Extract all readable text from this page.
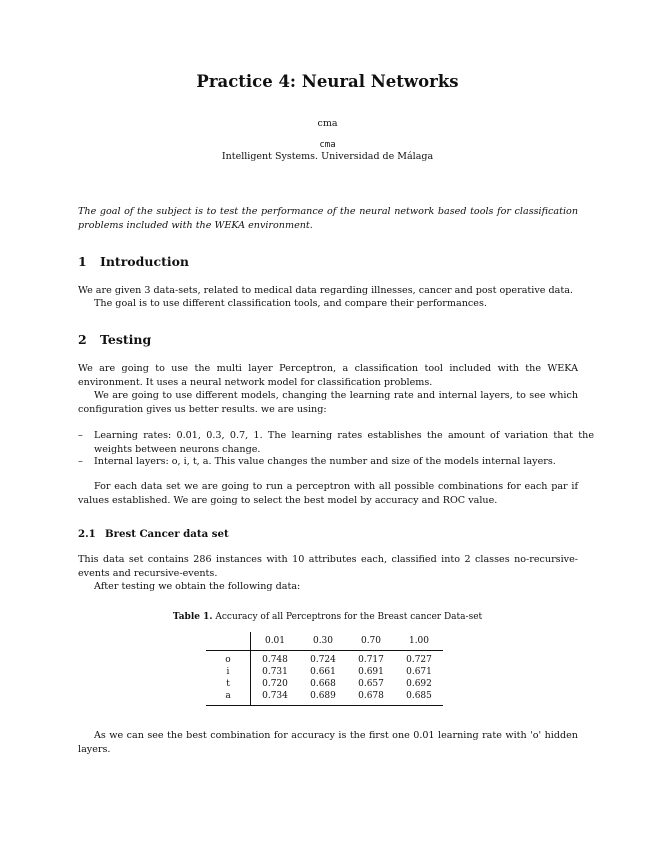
Practice 4: Neural Networks
cma
cma
Intelligent Systems. Universidad de Málaga
The goal of the subject is to test the performance of the neural network based tools for classification problems included with the WEKA environment.
1 Introduction
We are given 3 data-sets, related to medical data regarding illnesses, cancer and post operative data.
The goal is to use different classification tools, and compare their performances.
2 Testing
We are going to use the multi layer Perceptron, a classification tool included with the WEKA environment. It uses a neural network model for classification problems.
We are going to use different models, changing the learning rate and internal layers, to see which configuration gives us better results. we are using:
– Learning rates: 0.01, 0.3, 0.7, 1. The learning rates establishes the amount of variation that the weights between neurons change.
– Internal layers: o, i, t, a. This value changes the number and size of the models internal layers.
For each data set we are going to run a perceptron with all possible combinations for each par if values established. We are going to select the best model by accuracy and ROC value.
2.1 Brest Cancer data set
This data set contains 286 instances with 10 attributes each, classified into 2 classes no-recursive-events and recursive-events.
After testing we obtain the following data:
Table 1. Accuracy of all Perceptrons for the Breast cancer Data-set
	0.01	0.30	0.70	1.00
o	0.748	0.724	0.717	0.727
i	0.731	0.661	0.691	0.671
t	0.720	0.668	0.657	0.692
a	0.734	0.689	0.678	0.685
As we can see the best combination for accuracy is the first one 0.01 learning rate with 'o' hidden layers.
